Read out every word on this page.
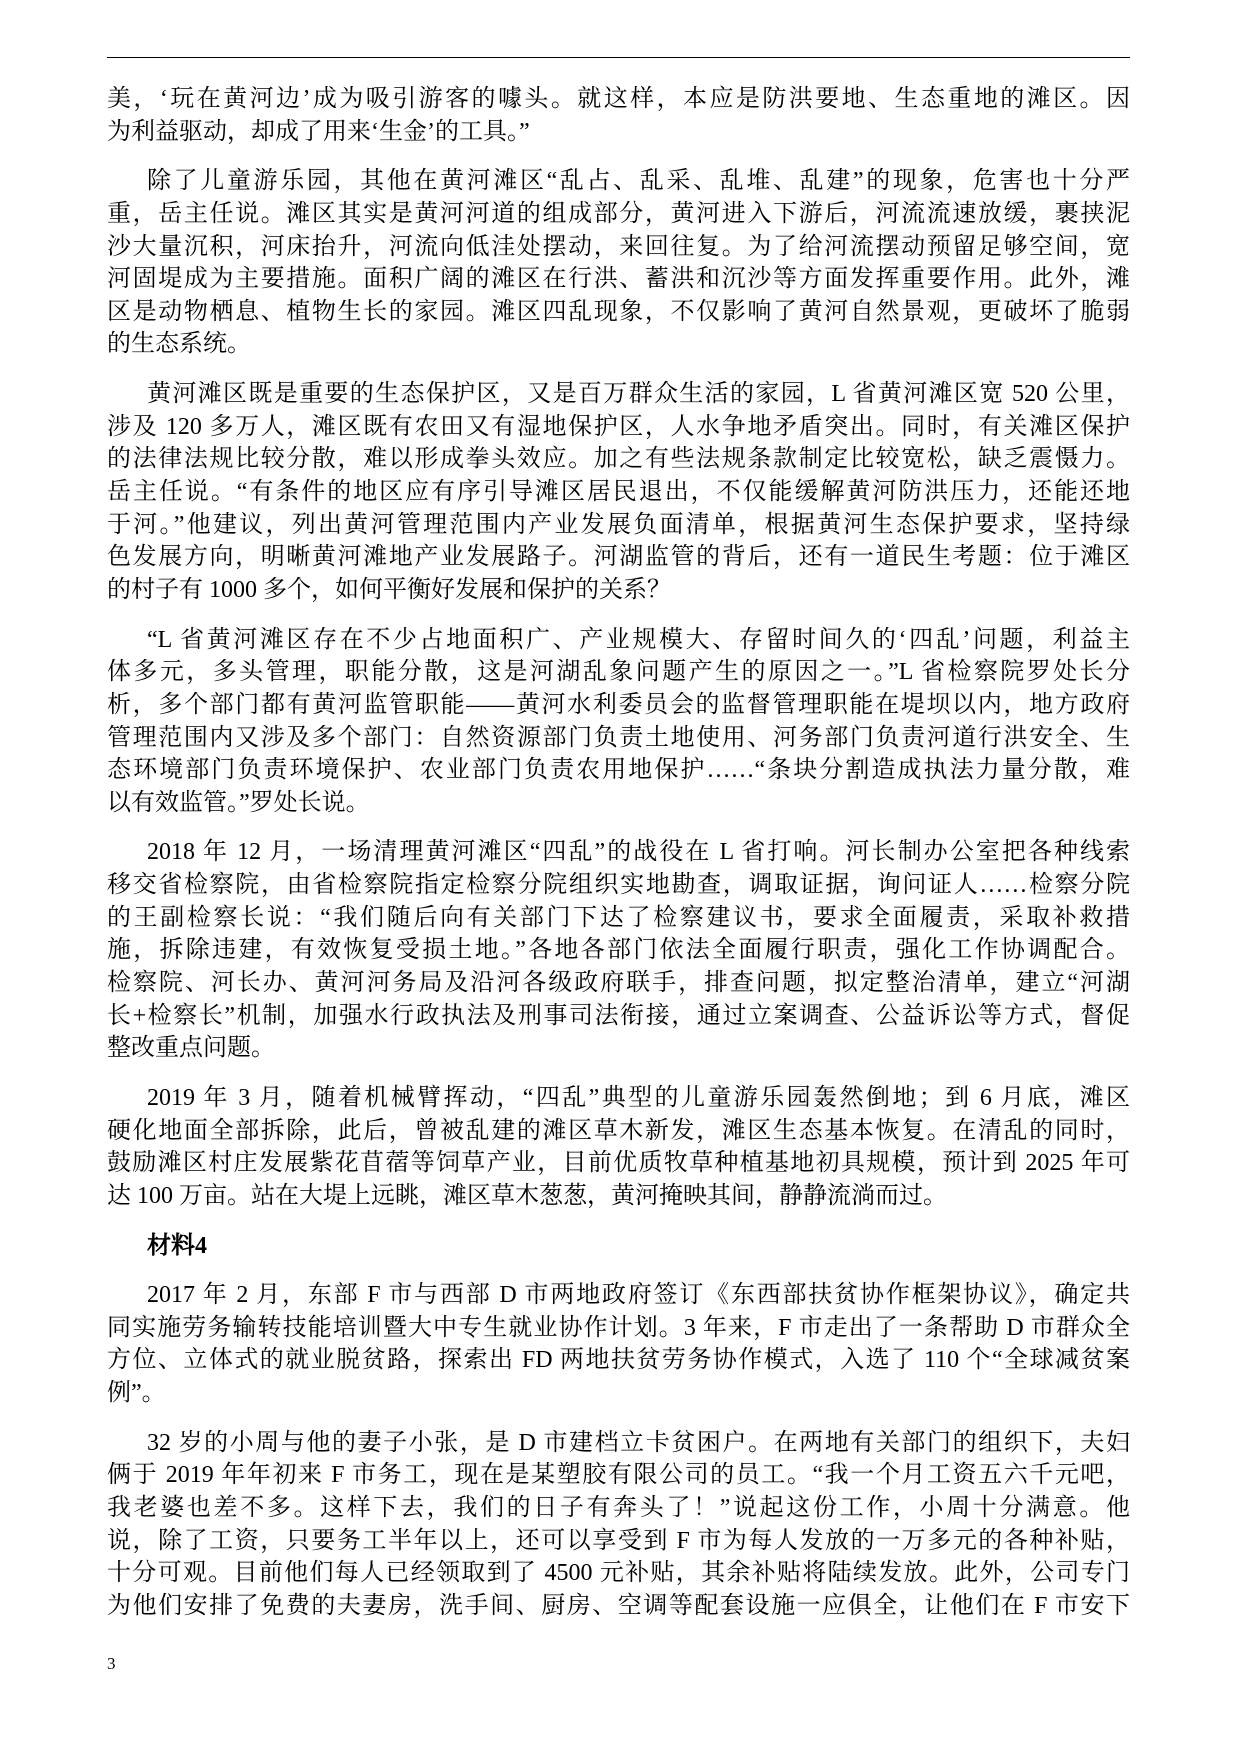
美，‘玩在黄河边’成为吸引游客的噱头。就这样，本应是防洪要地、生态重地的滩区。因
为利益驱动，却成了用来‘生金’的工具。”
除了儿童游乐园，其他在黄河滩区“乱占、乱采、乱堆、乱建”的现象，危害也十分严
重，岳主任说。滩区其实是黄河河道的组成部分，黄河进入下游后，河流流速放缓，裹挟泥
沙大量沉积，河床抬升，河流向低洼处摆动，来回往复。为了给河流摆动预留足够空间，宽
河固堤成为主要措施。面积广阔的滩区在行洪、蓄洪和沉沙等方面发挥重要作用。此外，滩
区是动物栖息、植物生长的家园。滩区四乱现象，不仅影响了黄河自然景观，更破坏了脆弱
的生态系统。
黄河滩区既是重要的生态保护区，又是百万群众生活的家园，L 省黄河滩区宽 520 公里，
涉及 120 多万人，滩区既有农田又有湿地保护区，人水争地矛盾突出。同时，有关滩区保护
的法律法规比较分散，难以形成拳头效应。加之有些法规条款制定比较宽松，缺乏震慑力。
岳主任说。“有条件的地区应有序引导滩区居民退出，不仅能缓解黄河防洪压力，还能还地
于河。”他建议，列出黄河管理范围内产业发展负面清单，根据黄河生态保护要求，坚持绿
色发展方向，明晰黄河滩地产业发展路子。河湖监管的背后，还有一道民生考题：位于滩区
的村子有 1000 多个，如何平衡好发展和保护的关系？
“L 省黄河滩区存在不少占地面积广、产业规模大、存留时间久的‘四乱’问题，利益主
体多元，多头管理，职能分散，这是河湖乱象问题产生的原因之一。”L 省检察院罗处长分
析，多个部门都有黄河监管职能——黄河水利委员会的监督管理职能在堤坝以内，地方政府
管理范围内又涉及多个部门：自然资源部门负责土地使用、河务部门负责河道行洪安全、生
态环境部门负责环境保护、农业部门负责农用地保护……“条块分割造成执法力量分散，难
以有效监管。”罗处长说。
2018 年 12 月，一场清理黄河滩区“四乱”的战役在 L 省打响。河长制办公室把各种线索
移交省检察院，由省检察院指定检察分院组织实地勘查，调取证据，询问证人……检察分院
的王副检察长说：“我们随后向有关部门下达了检察建议书，要求全面履责，采取补救措
施，拆除违建，有效恢复受损土地。”各地各部门依法全面履行职责，强化工作协调配合。
检察院、河长办、黄河河务局及沿河各级政府联手，排查问题，拟定整治清单，建立“河湖
长+检察长”机制，加强水行政执法及刑事司法衔接，通过立案调查、公益诉讼等方式，督促
整改重点问题。
2019 年 3 月，随着机械臂挥动，“四乱”典型的儿童游乐园轰然倒地；到 6 月底，滩区
硬化地面全部拆除，此后，曾被乱建的滩区草木新发，滩区生态基本恢复。在清乱的同时，
鼓励滩区村庄发展紫花苜蓿等饲草产业，目前优质牧草种植基地初具规模，预计到 2025 年可
达 100 万亩。站在大堤上远眺，滩区草木葱葱，黄河掩映其间，静静流淌而过。
材料4
2017 年 2 月，东部 F 市与西部 D 市两地政府签订《东西部扶贫协作框架协议》，确定共
同实施劳务输转技能培训暨大中专生就业协作计划。3 年来，F 市走出了一条帮助 D 市群众全
方位、立体式的就业脱贫路，探索出 FD 两地扶贫劳务协作模式，入选了 110 个“全球减贫案
例”。
32 岁的小周与他的妻子小张，是 D 市建档立卡贫困户。在两地有关部门的组织下，夫妇
俩于 2019 年年初来 F 市务工，现在是某塑胶有限公司的员工。“我一个月工资五六千元吧，
我老婆也差不多。这样下去，我们的日子有奔头了！”说起这份工作，小周十分满意。他
说，除了工资，只要务工半年以上，还可以享受到 F 市为每人发放的一万多元的各种补贴，
十分可观。目前他们每人已经领取到了 4500 元补贴，其余补贴将陆续发放。此外，公司专门
为他们安排了免费的夫妻房，洗手间、厨房、空调等配套设施一应俱全，让他们在 F 市安下
3
